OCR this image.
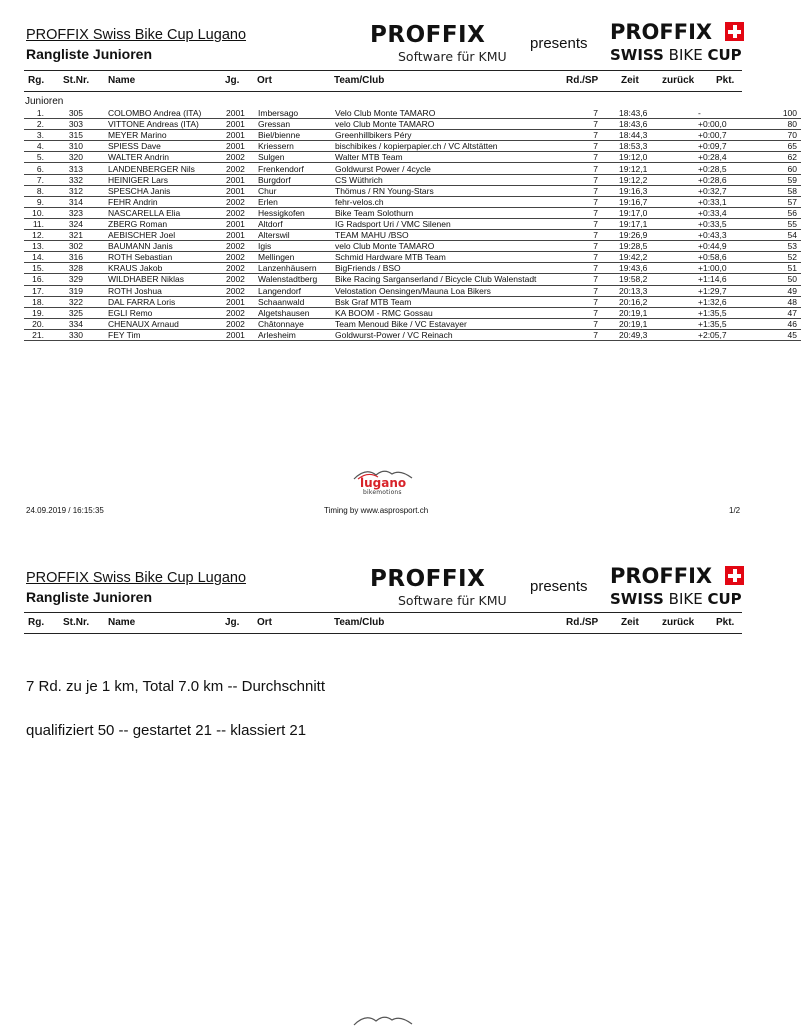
PROFFIX Swiss Bike Cup Lugano
Rangliste Junioren
PROFFIX
Software für KMU
presents PROFFIX
SWISS BIKE CUP
Rg. St.Nr. Name	Jg. Ort	Team/Club	Rd./SP Zeit zurück Pkt.
Junioren
1.	305	COLOMBO Andrea (ITA)	2001	Imbersago	Velo Club Monte TAMARO	7	18:43,6	-	100
2.	303	VITTONE Andreas (ITA)	2001	Gressan	velo Club Monte TAMARO	7	18:43,6	+0:00,0	80
3.	315	MEYER Marino	2001	Biel/bienne	Greenhillbikers Péry	7	18:44,3	+0:00,7	70
4.	310	SPIESS Dave	2001	Kriessern	bischibikes / kopierpapier.ch / VC Altstätten	7	18:53,3	+0:09,7	65
5.	320	WALTER Andrin	2002	Sulgen	Walter MTB Team	7	19:12,0	+0:28,4	62
6.	313	LANDENBERGER Nils	2002	Frenkendorf	Goldwurst Power / 4cycle	7	19:12,1	+0:28,5	60
7.	332	HEINIGER Lars	2001	Burgdorf	CS Wüthrich	7	19:12,2	+0:28,6	59
8.	312	SPESCHA Janis	2001	Chur	Thömus / RN Young-Stars	7	19:16,3	+0:32,7	58
9.	314	FEHR Andrin	2002	Erlen	fehr-velos.ch	7	19:16,7	+0:33,1	57
10.	323	NASCARELLA Elia	2002	Hessigkofen	Bike Team Solothurn	7	19:17,0	+0:33,4	56
11.	324	ZBERG Roman	2001	Altdorf	IG Radsport Uri / VMC Silenen	7	19:17,1	+0:33,5	55
12.	321	AEBISCHER Joel	2001	Alterswil	TEAM MAHU /BSO	7	19:26,9	+0:43,3	54
13.	302	BAUMANN Janis	2002	Igis	velo Club Monte TAMARO	7	19:28,5	+0:44,9	53
14.	316	ROTH Sebastian	2002	Mellingen	Schmid Hardware MTB Team	7	19:42,2	+0:58,6	52
15.	328	KRAUS Jakob	2002	Lanzenhäusern	BigFriends / BSO	7	19:43,6	+1:00,0	51
16.	329	WILDHABER Niklas	2002	Walenstadtberg	Bike Racing Sarganserland / Bicycle Club Walenstadt	7	19:58,2	+1:14,6	50
17.	319	ROTH Joshua	2002	Langendorf	Velostation Oensingen/Mauna Loa Bikers	7	20:13,3	+1:29,7	49
18.	322	DAL FARRA Loris	2001	Schaanwald	Bsk Graf MTB Team	7	20:16,2	+1:32,6	48
19.	325	EGLI Remo	2002	Algetshausen	KA BOOM - RMC Gossau	7	20:19,1	+1:35,5	47
20.	334	CHENAUX Arnaud	2002	Châtonnaye	Team Menoud Bike / VC Estavayer	7	20:19,1	+1:35,5	46
21.	330	FEY Tim	2001	Arlesheim	Goldwurst-Power / VC Reinach	7	20:49,3	+2:05,7	45
lugano
bikemotions
24.09.2019 / 16:15:35	Timing by www.asprosport.ch	1/2
PROFFIX Swiss Bike Cup Lugano
Rangliste Junioren
PROFFIX
Software für KMU
presents PROFFIX
SWISS BIKE CUP
Rg. St.Nr. Name	Jg. Ort	Team/Club	Rd./SP Zeit zurück Pkt.
7 Rd. zu je 1 km, Total 7.0 km -- Durchschnitt
qualifiziert 50 -- gestartet 21 -- klassiert 21
